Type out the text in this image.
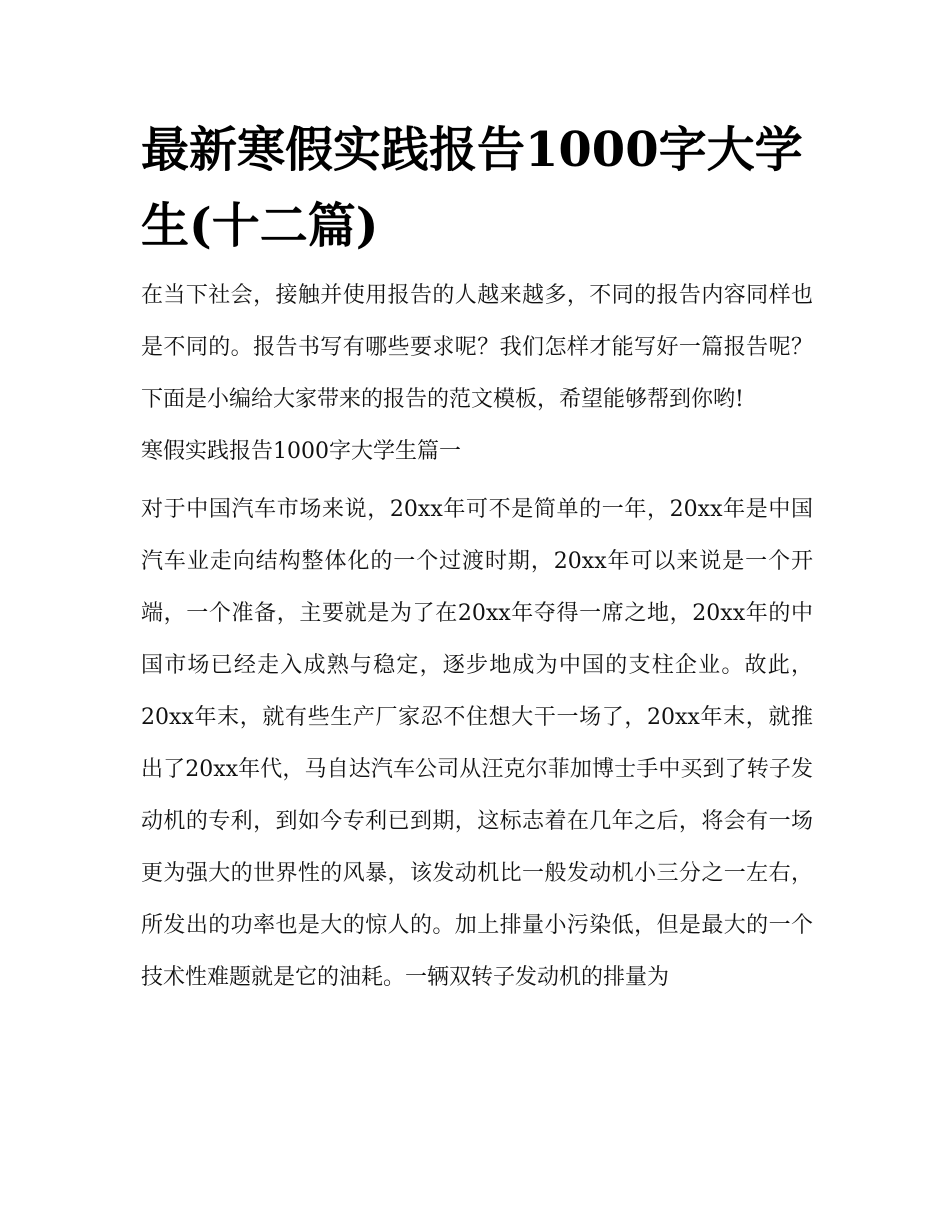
最新寒假实践报告1000字大学生(十二篇)

在当下社会，接触并使用报告的人越来越多，不同的报告内容同样也是不同的。报告书写有哪些要求呢？我们怎样才能写好一篇报告呢？下面是小编给大家带来的报告的范文模板，希望能够帮到你哟!

寒假实践报告1000字大学生篇一

对于中国汽车市场来说，20xx年可不是简单的一年，20xx年是中国汽车业走向结构整体化的一个过渡时期，20xx年可以来说是一个开端，一个准备，主要就是为了在20xx年夺得一席之地，20xx年的中国市场已经走入成熟与稳定，逐步地成为中国的支柱企业。故此，20xx年末，就有些生产厂家忍不住想大干一场了，20xx年末，就推出了20xx年代，马自达汽车公司从汪克尔菲加博士手中买到了转子发动机的专利，到如今专利已到期，这标志着在几年之后，将会有一场更为强大的世界性的风暴，该发动机比一般发动机小三分之一左右，所发出的功率也是大的惊人的。加上排量小污染低，但是最大的一个技术性难题就是它的油耗。一辆双转子发动机的排量为
